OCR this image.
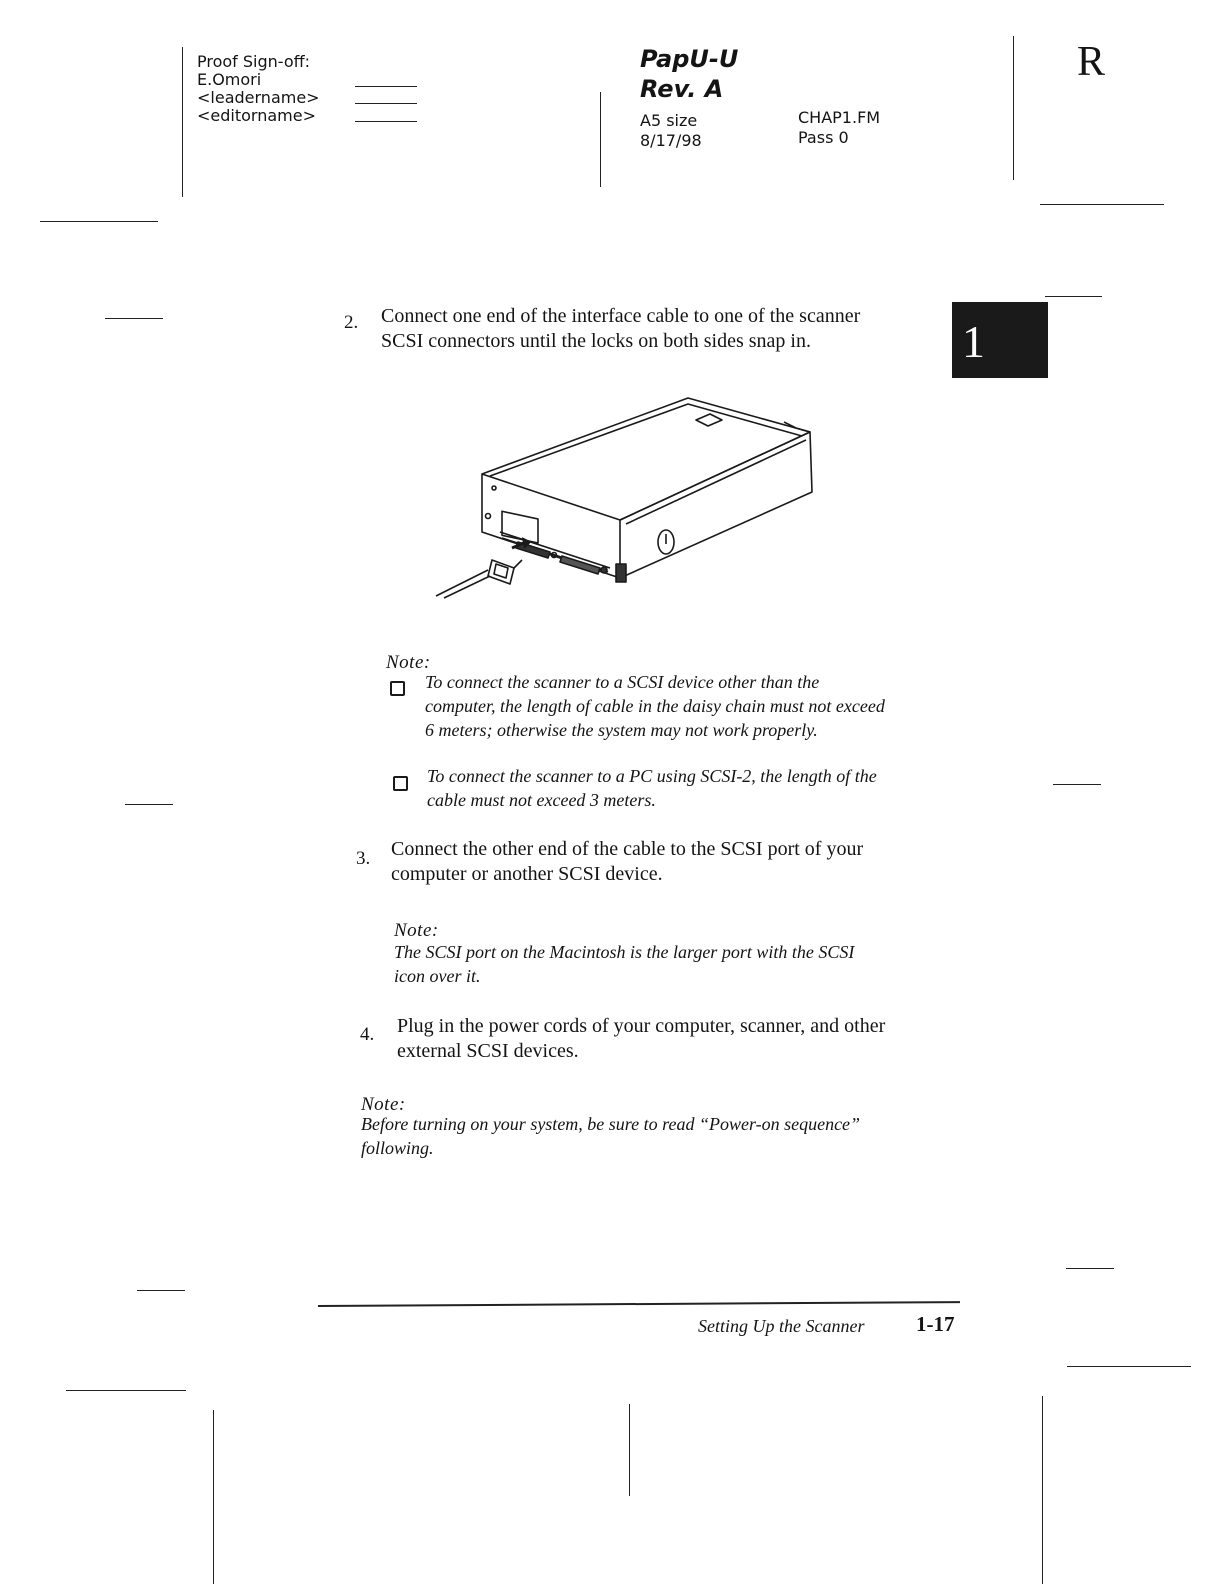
Proof Sign-off:
E.Omori
<leadername>
<editorname>
PapU-U
Rev. A
A5 size
8/17/98
CHAP1.FM
Pass 0
R
1
2. Connect one end of the interface cable to one of the scanner
SCSI connectors until the locks on both sides snap in.
Note:
To connect the scanner to a SCSI device other than the
computer, the length of cable in the daisy chain must not exceed
6 meters; otherwise the system may not work properly.
To connect the scanner to a PC using SCSI-2, the length of the
cable must not exceed 3 meters.
3. Connect the other end of the cable to the SCSI port of your
computer or another SCSI device.
Note:
The SCSI port on the Macintosh is the larger port with the SCSI
icon over it.
4. Plug in the power cords of your computer, scanner, and other
external SCSI devices.
Note:
Before turning on your system, be sure to read “Power-on sequence”
following.
Setting Up the Scanner 1-17
